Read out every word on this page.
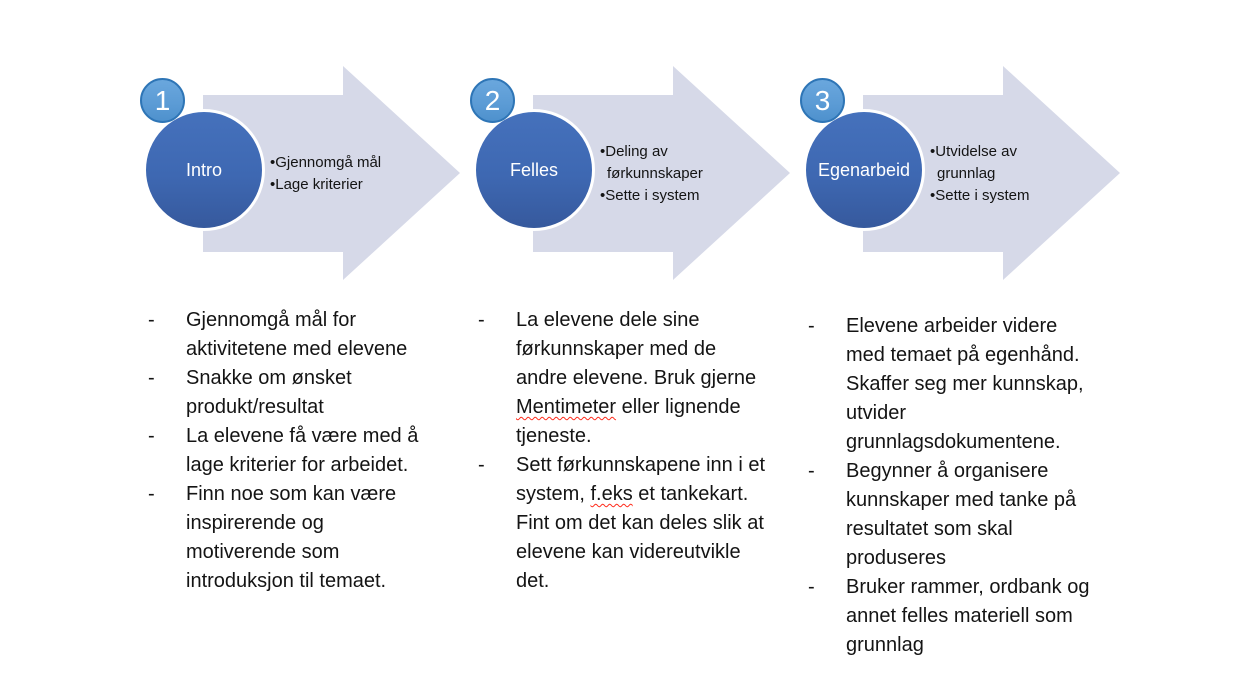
•Gjennomgå mål
•Lage kriterier
Intro
1
•Deling av førkunnskaper
•Sette i system
Felles
2
•Utvidelse av grunnlag
•Sette i system
Egenarbeid
3
-	Gjennomgå mål for aktivitetene med elevene
-	Snakke om ønsket produkt/resultat
-	La elevene få være med å lage kriterier for arbeidet.
-	Finn noe som kan være inspirerende og motiverende som introduksjon til temaet.
-	La elevene dele sine førkunnskaper med de andre elevene. Bruk gjerne Mentimeter eller lignende tjeneste.
-	Sett førkunnskapene inn i et system, f.eks et tankekart. Fint om det kan deles slik at elevene kan videreutvikle det.
-	Elevene arbeider videre med temaet på egenhånd. Skaffer seg mer kunnskap, utvider grunnlagsdokumentene.
-	Begynner å organisere kunnskaper med tanke på resultatet som skal produseres
-	Bruker rammer, ordbank og annet felles materiell som grunnlag
